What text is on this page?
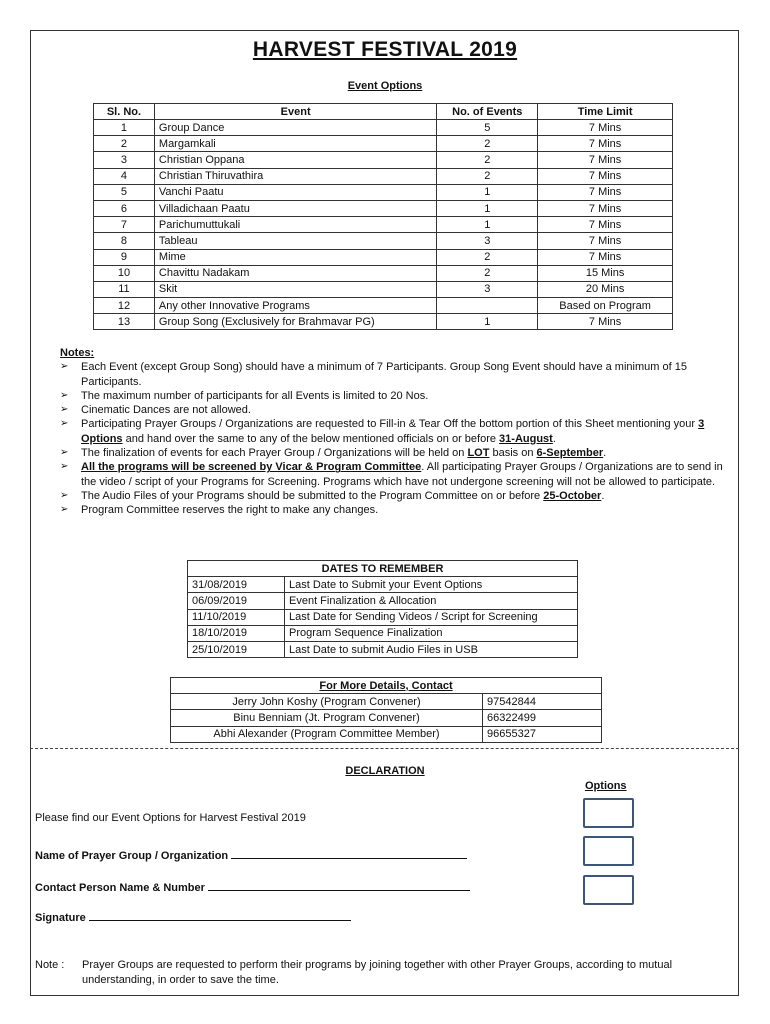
HARVEST FESTIVAL 2019
Event Options
Sl. No.	Event	No. of Events	Time Limit
1	Group Dance	5	7 Mins
2	Margamkali	2	7 Mins
3	Christian Oppana	2	7 Mins
4	Christian Thiruvathira	2	7 Mins
5	Vanchi Paatu	1	7 Mins
6	Villadichaan Paatu	1	7 Mins
7	Parichumuttukali	1	7 Mins
8	Tableau	3	7 Mins
9	Mime	2	7 Mins
10	Chavittu Nadakam	2	15 Mins
11	Skit	3	20 Mins
12	Any other Innovative Programs		Based on Program
13	Group Song (Exclusively for Brahmavar PG)	1	7 Mins
Notes:
➢ Each Event (except Group Song) should have a minimum of 7 Participants. Group Song Event should have a minimum of 15 Participants.
➢ The maximum number of participants for all Events is limited to 20 Nos.
➢ Cinematic Dances are not allowed.
➢ Participating Prayer Groups / Organizations are requested to Fill-in & Tear Off the bottom portion of this Sheet mentioning your 3 Options and hand over the same to any of the below mentioned officials on or before 31-August.
➢ The finalization of events for each Prayer Group / Organizations will be held on LOT basis on 6-September.
➢ All the programs will be screened by Vicar & Program Committee. All participating Prayer Groups / Organizations are to send in the video / script of your Programs for Screening. Programs which have not undergone screening will not be allowed to participate.
➢ The Audio Files of your Programs should be submitted to the Program Committee on or before 25-October.
➢ Program Committee reserves the right to make any changes.
DATES TO REMEMBER	
31/08/2019	Last Date to Submit your Event Options
06/09/2019	Event Finalization & Allocation
11/10/2019	Last Date for Sending Videos / Script for Screening
18/10/2019	Program Sequence Finalization
25/10/2019	Last Date to submit Audio Files in USB
For More Details, Contact	
Jerry John Koshy (Program Convener)	97542844
Binu Benniam (Jt. Program Convener)	66322499
Abhi Alexander (Program Committee Member)	96655327
DECLARATION
Options
Please find our Event Options for Harvest Festival 2019
Name of Prayer Group / Organization
Contact Person Name & Number
Signature
Note :	Prayer Groups are requested to perform their programs by joining together with other Prayer Groups, according to mutual understanding, in order to save the time.
